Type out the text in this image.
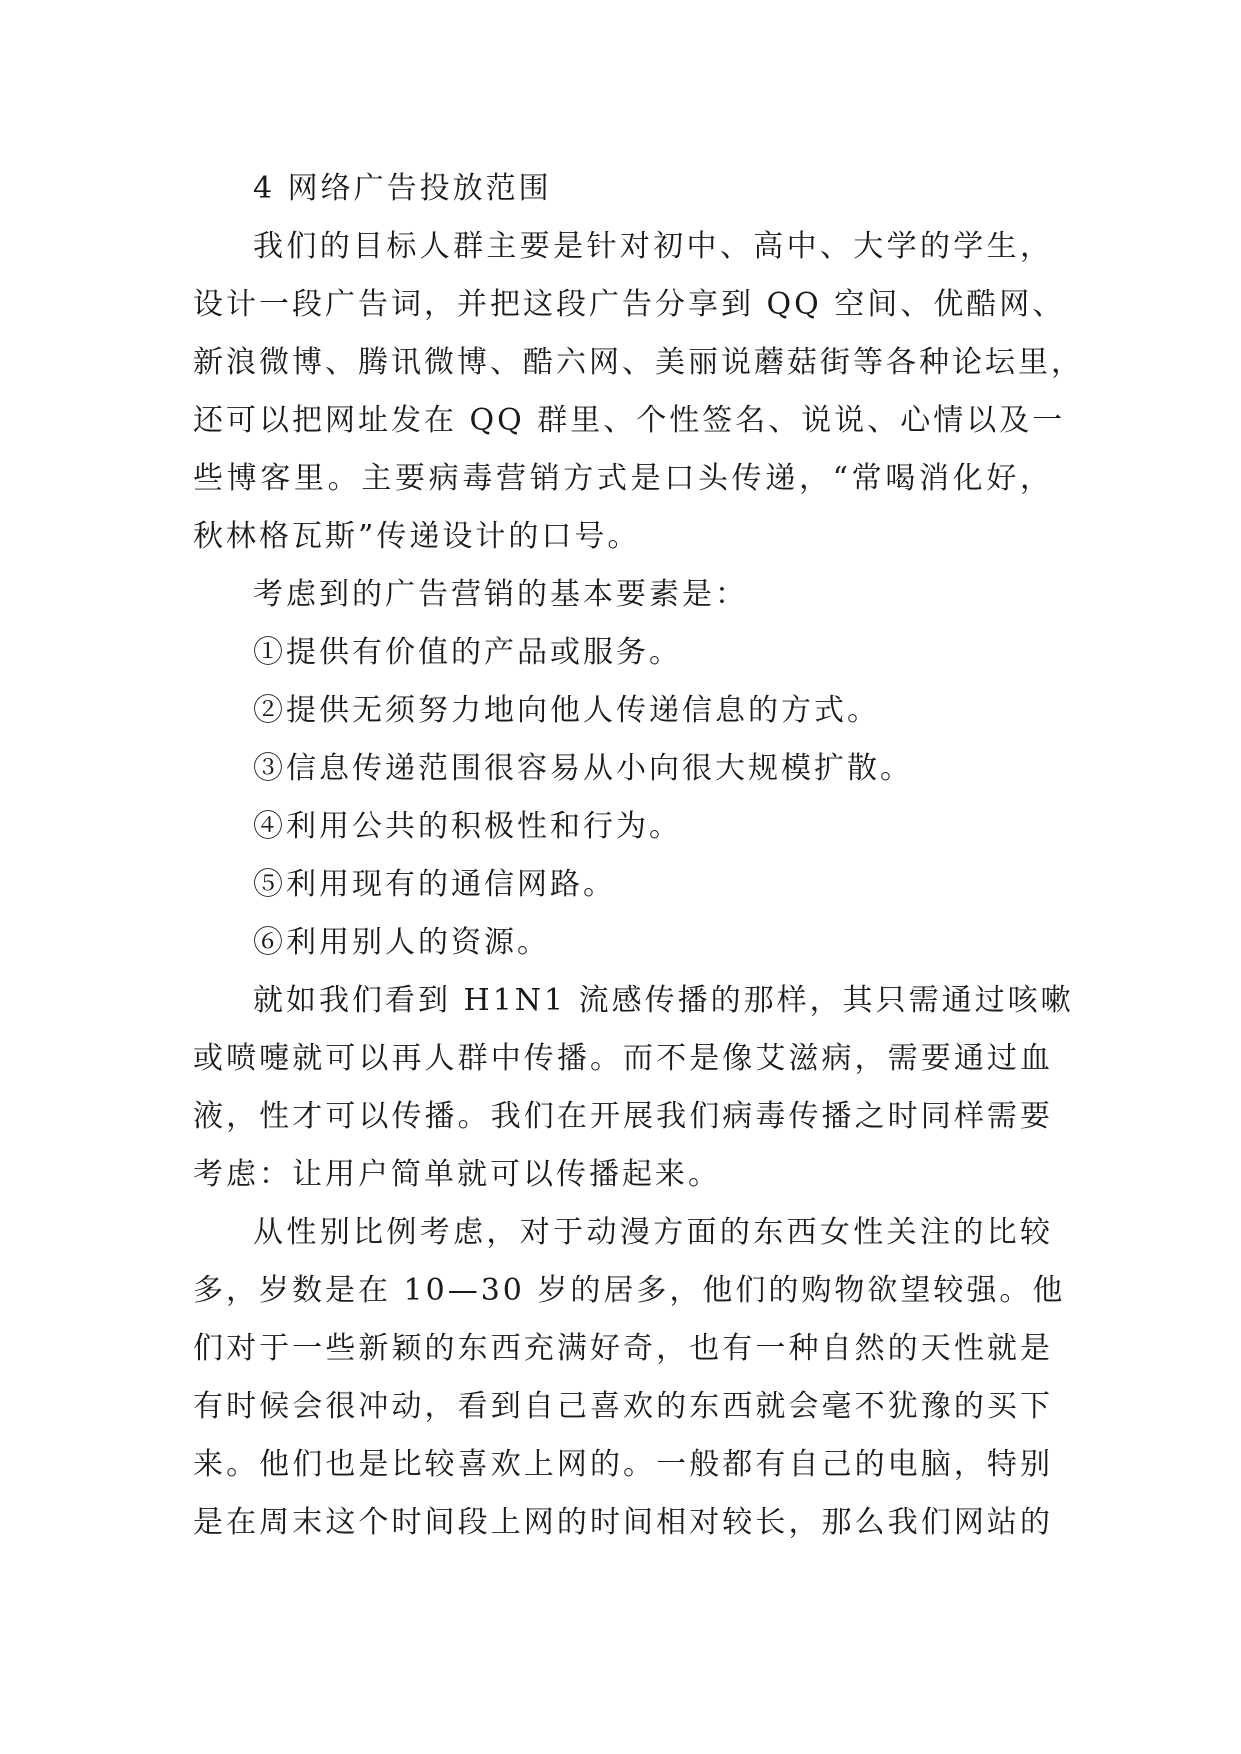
4 网络广告投放范围

我们的目标人群主要是针对初中、高中、大学的学生，

设计一段广告词，并把这段广告分享到 QQ 空间、优酷网、

新浪微博、腾讯微博、酷六网、美丽说蘑菇街等各种论坛里，

还可以把网址发在 QQ 群里、个性签名、说说、心情以及一

些博客里。主要病毒营销方式是口头传递，“常喝消化好，

秋林格瓦斯”传递设计的口号。

考虑到的广告营销的基本要素是：

①提供有价值的产品或服务。

②提供无须努力地向他人传递信息的方式。

③信息传递范围很容易从小向很大规模扩散。

④利用公共的积极性和行为。

⑤利用现有的通信网路。

⑥利用别人的资源。

就如我们看到 H1N1 流感传播的那样，其只需通过咳嗽

或喷嚏就可以再人群中传播。而不是像艾滋病，需要通过血

液，性才可以传播。我们在开展我们病毒传播之时同样需要

考虑：让用户简单就可以传播起来。

从性别比例考虑，对于动漫方面的东西女性关注的比较

多，岁数是在 10—30 岁的居多，他们的购物欲望较强。他

们对于一些新颖的东西充满好奇，也有一种自然的天性就是

有时候会很冲动，看到自己喜欢的东西就会毫不犹豫的买下

来。他们也是比较喜欢上网的。一般都有自己的电脑，特别

是在周末这个时间段上网的时间相对较长，那么我们网站的
